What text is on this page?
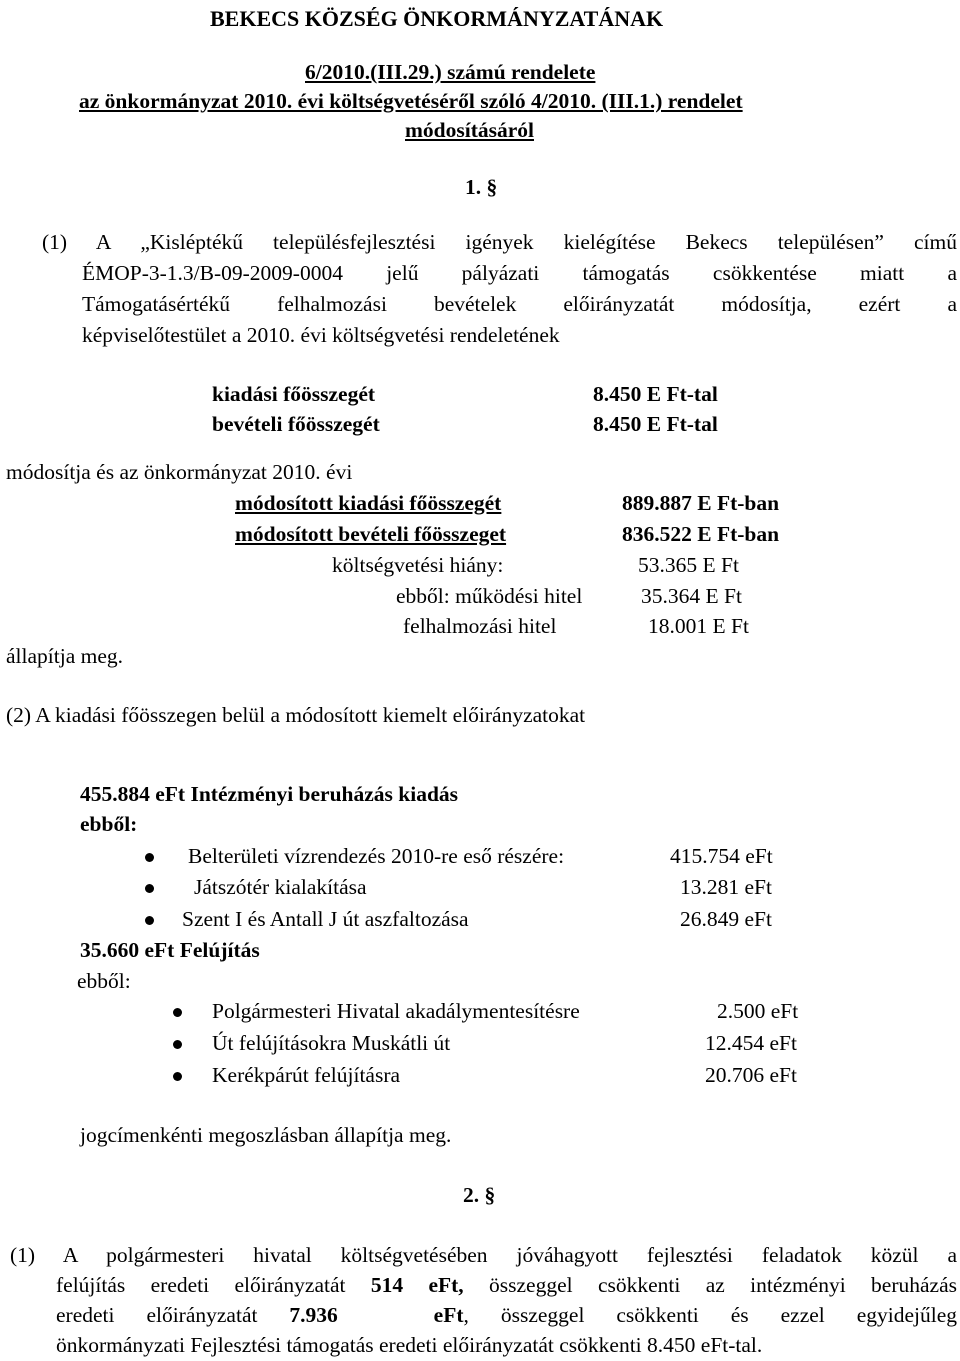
BEKECS KÖZSÉG ÖNKORMÁNYZATÁNAK
6/2010.(III.29.) számú rendelete
az önkormányzat 2010. évi költségvetéséről szóló 4/2010. (III.1.) rendelet
módosításáról
1. §
(1) A „Kisléptékű településfejlesztési igények kielégítése Bekecs településen” című
ÉMOP-3-1.3/B-09-2009-0004 jelű pályázati támogatás csökkentése miatt a
Támogatásértékű felhalmozási bevételek előirányzatát módosítja, ezért a
képviselőtestület a 2010. évi költségvetési rendeletének
kiadási főösszegét	8.450 E Ft-tal
bevételi főösszegét	8.450 E Ft-tal
módosítja és az önkormányzat 2010. évi
módosított kiadási főösszegét	889.887 E Ft-ban
módosított bevételi főösszeget	836.522 E Ft-ban
költségvetési hiány:	53.365 E Ft
ebből: működési hitel	35.364 E Ft
felhalmozási hitel	18.001 E Ft
állapítja meg.
(2) A kiadási főösszegen belül a módosított kiemelt előirányzatokat
455.884 eFt Intézményi beruházás kiadás
ebből:
Belterületi vízrendezés 2010-re eső részére:	415.754 eFt
Játszótér kialakítása	13.281 eFt
Szent I és Antall J út aszfaltozása	26.849 eFt
35.660 eFt Felújítás
ebből:
Polgármesteri Hivatal akadálymentesítésre	2.500 eFt
Út felújításokra Muskátli út	12.454 eFt
Kerékpárút felújításra	20.706 eFt
jogcímenkénti megoszlásban állapítja meg.
2. §
(1) A polgármesteri hivatal költségvetésében jóváhagyott fejlesztési feladatok közül a
felújítás eredeti előirányzatát 514 eFt, összeggel csökkenti az intézményi beruházás
eredeti előirányzatát 7.936	eFt, összeggel csökkenti és ezzel egyidejűleg
önkormányzati Fejlesztési támogatás eredeti előirányzatát csökkenti 8.450 eFt-tal.
